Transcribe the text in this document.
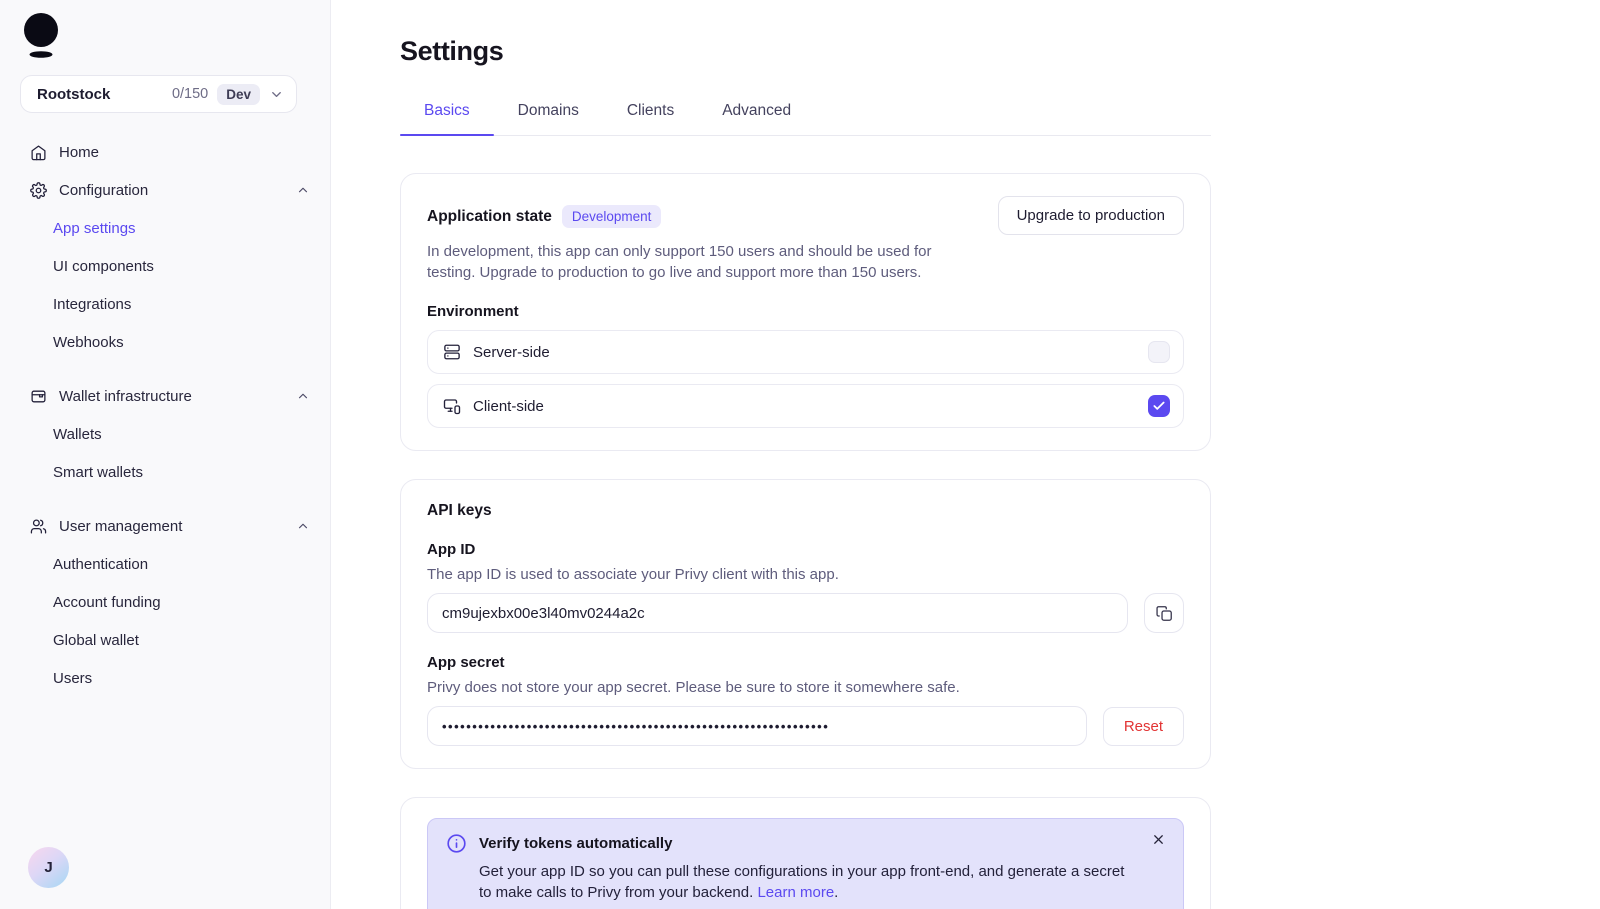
Rootstock	0/150	Dev
Home
Configuration
App settings
UI components
Integrations
Webhooks
Wallet infrastructure
Wallets
Smart wallets
User management
Authentication
Account funding
Global wallet
Users
J
Settings
Basics	Domains	Clients	Advanced
Application state	Development	Upgrade to production

In development, this app can only support 150 users and should be used for testing. Upgrade to production to go live and support more than 150 users.

Environment
Server-side
Client-side
API keys
App ID
The app ID is used to associate your Privy client with this app.
cm9ujexbx00e3l40mv0244a2c
App secret
Privy does not store your app secret. Please be sure to store it somewhere safe.
••••••••••••••••••••••••••••••••••••••••••••••••••••••••••••••••
Reset
Verify tokens automatically

Get your app ID so you can pull these configurations in your app front-end, and generate a secret to make calls to Privy from your backend. Learn more.
